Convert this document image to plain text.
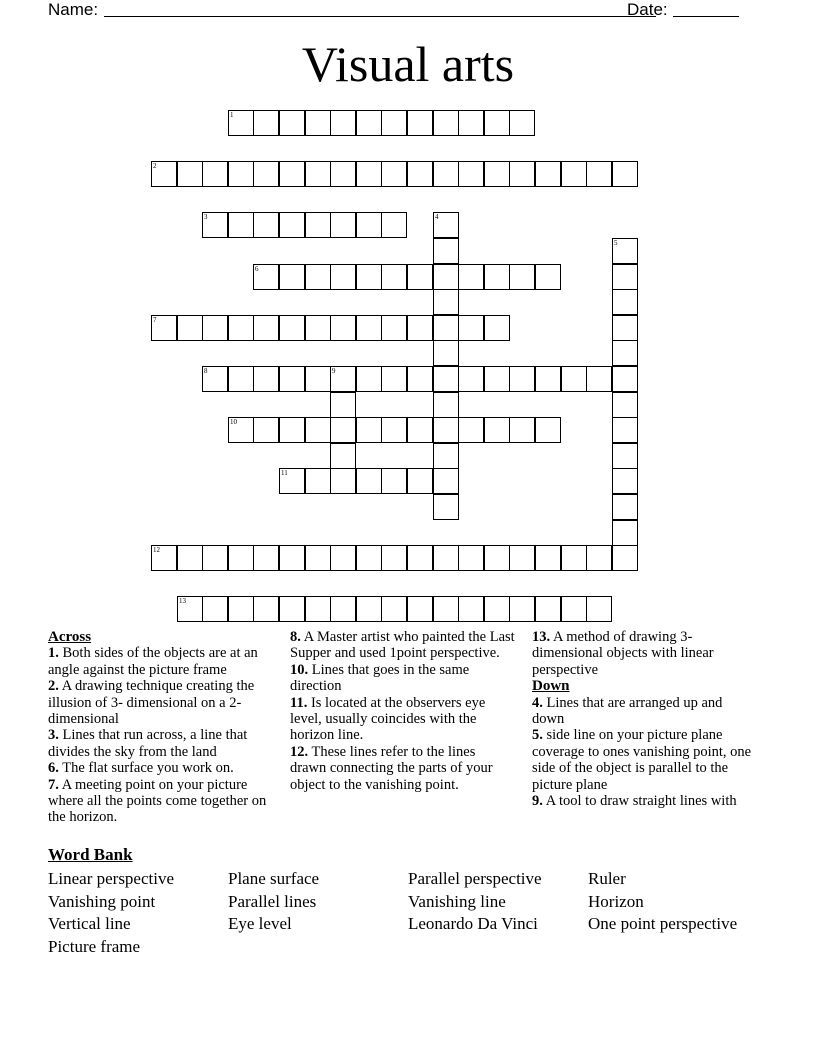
Name:	Date:
Visual arts
1
2
3	4
5
6
7
8	9
10
11
12
13
Across
1. Both sides of the objects are at an angle against the picture frame
2. A drawing technique creating the illusion of 3- dimensional on a 2- dimensional
3. Lines that run across, a line that divides the sky from the land
6. The flat surface you work on.
7. A meeting point on your picture where all the points come together on the horizon.
8. A Master artist who painted the Last Supper and used 1point perspective.
10. Lines that goes in the same direction
11. Is located at the observers eye level, usually coincides with the horizon line.
12. These lines refer to the lines drawn connecting the parts of your object to the vanishing point.
13. A method of drawing 3-dimensional objects with linear perspective
Down
4. Lines that are arranged up and down
5. side line on your picture plane coverage to ones vanishing point, one side of the object is parallel to the picture plane
9. A tool to draw straight lines with
Word Bank
Linear perspective
Vanishing point
Vertical line
Picture frame
Plane surface
Parallel lines
Eye level
Parallel perspective
Vanishing line
Leonardo Da Vinci
Ruler
Horizon
One point perspective
